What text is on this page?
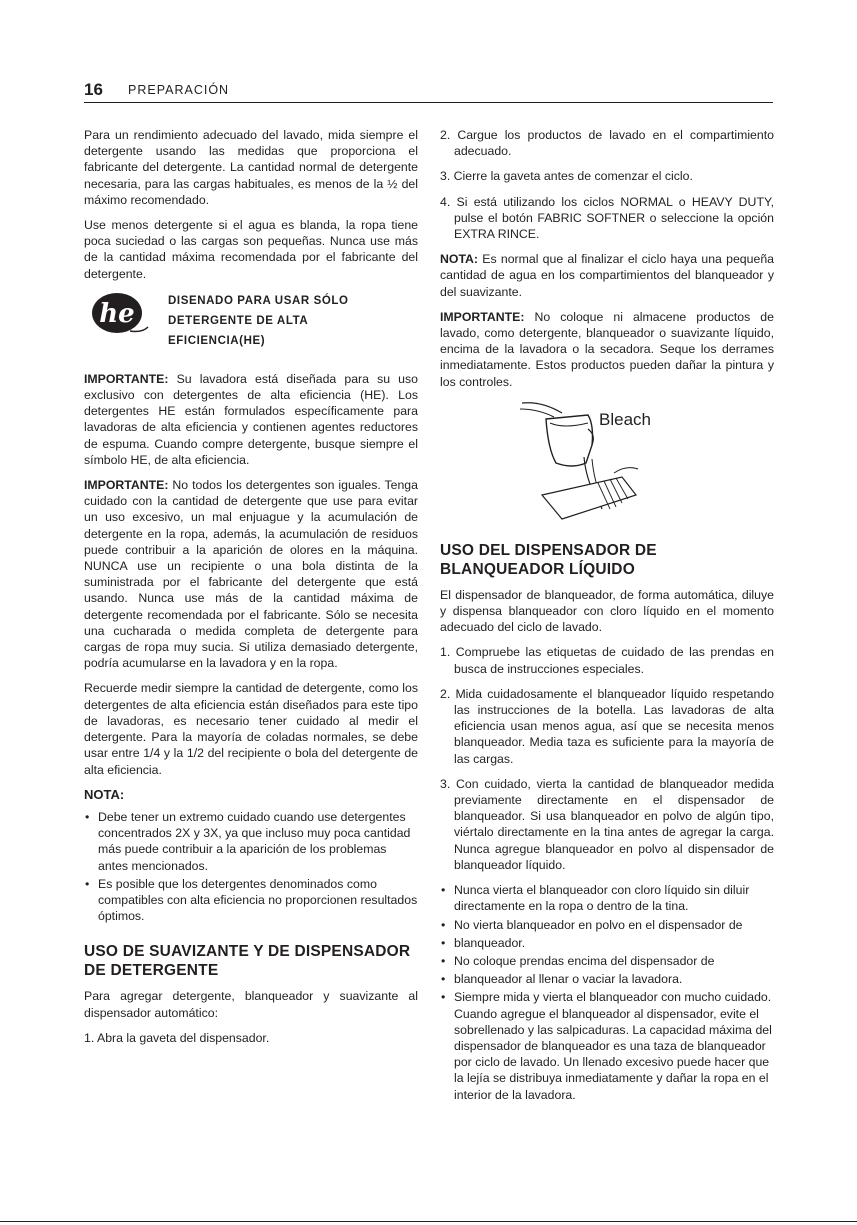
16 PREPARACIÓN

Para un rendimiento adecuado del lavado, mida siempre el detergente usando las medidas que proporciona el fabricante del detergente. La cantidad normal de detergente necesaria, para las cargas habituales, es menos de la ½ del máximo recomendado.

Use menos detergente si el agua es blanda, la ropa tiene poca suciedad o las cargas son pequeñas. Nunca use más de la cantidad máxima recomendada por el fabricante del detergente.

he	DISENADO PARA USAR SÓLO DETERGENTE DE ALTA EFICIENCIA(HE)

IMPORTANTE: Su lavadora está diseñada para su uso exclusivo con detergentes de alta eficiencia (HE). Los detergentes HE están formulados específicamente para lavadoras de alta eficiencia y contienen agentes reductores de espuma. Cuando compre detergente, busque siempre el símbolo HE, de alta eficiencia.

IMPORTANTE: No todos los detergentes son iguales. Tenga cuidado con la cantidad de detergente que use para evitar un uso excesivo, un mal enjuague y la acumulación de detergente en la ropa, además, la acumulación de residuos puede contribuir a la aparición de olores en la máquina. NUNCA use un recipiente o una bola distinta de la suministrada por el fabricante del detergente que está usando. Nunca use más de la cantidad máxima de detergente recomendada por el fabricante. Sólo se necesita una cucharada o medida completa de detergente para cargas de ropa muy sucia. Si utiliza demasiado detergente, podría acumularse en la lavadora y en la ropa.

Recuerde medir siempre la cantidad de detergente, como los detergentes de alta eficiencia están diseñados para este tipo de lavadoras, es necesario tener cuidado al medir el detergente. Para la mayoría de coladas normales, se debe usar entre 1/4 y la 1/2 del recipiente o bola del detergente de alta eficiencia.

NOTA:
• Debe tener un extremo cuidado cuando use detergentes concentrados 2X y 3X, ya que incluso muy poca cantidad más puede contribuir a la aparición de los problemas antes mencionados.
• Es posible que los detergentes denominados como compatibles con alta eficiencia no proporcionen resultados óptimos.
USO DE SUAVIZANTE Y DE DISPENSADOR DE DETERGENTE

Para agregar detergente, blanqueador y suavizante al dispensador automático:

1. Abra la gaveta del dispensador.

2. Cargue los productos de lavado en el compartimiento adecuado.

3. Cierre la gaveta antes de comenzar el ciclo.

4. Si está utilizando los ciclos NORMAL o HEAVY DUTY, pulse el botón FABRIC SOFTNER o seleccione la opción EXTRA RINCE.

NOTA: Es normal que al finalizar el ciclo haya una pequeña cantidad de agua en los compartimientos del blanqueador y del suavizante.

IMPORTANTE: No coloque ni almacene productos de lavado, como detergente, blanqueador o suavizante líquido, encima de la lavadora o la secadora. Seque los derrames inmediatamente. Estos productos pueden dañar la pintura y los controles.

Bleach
USO DEL DISPENSADOR DE BLANQUEADOR LÍQUIDO

El dispensador de blanqueador, de forma automática, diluye y dispensa blanqueador con cloro líquido en el momento adecuado del ciclo de lavado.

1. Compruebe las etiquetas de cuidado de las prendas en busca de instrucciones especiales.

2. Mida cuidadosamente el blanqueador líquido respetando las instrucciones de la botella. Las lavadoras de alta eficiencia usan menos agua, así que se necesita menos blanqueador. Media taza es suficiente para la mayoría de las cargas.

3. Con cuidado, vierta la cantidad de blanqueador medida previamente directamente en el dispensador de blanqueador. Si usa blanqueador en polvo de algún tipo, viértalo directamente en la tina antes de agregar la carga. Nunca agregue blanqueador en polvo al dispensador de blanqueador líquido.

• Nunca vierta el blanqueador con cloro líquido sin diluir directamente en la ropa o dentro de la tina.
• No vierta blanqueador en polvo en el dispensador de
• blanqueador.
• No coloque prendas encima del dispensador de
• blanqueador al llenar o vaciar la lavadora.
• Siempre mida y vierta el blanqueador con mucho cuidado. Cuando agregue el blanqueador al dispensador, evite el sobrellenado y las salpicaduras. La capacidad máxima del dispensador de blanqueador es una taza de blanqueador por ciclo de lavado. Un llenado excesivo puede hacer que la lejía se distribuya inmediatamente y dañar la ropa en el interior de la lavadora.
